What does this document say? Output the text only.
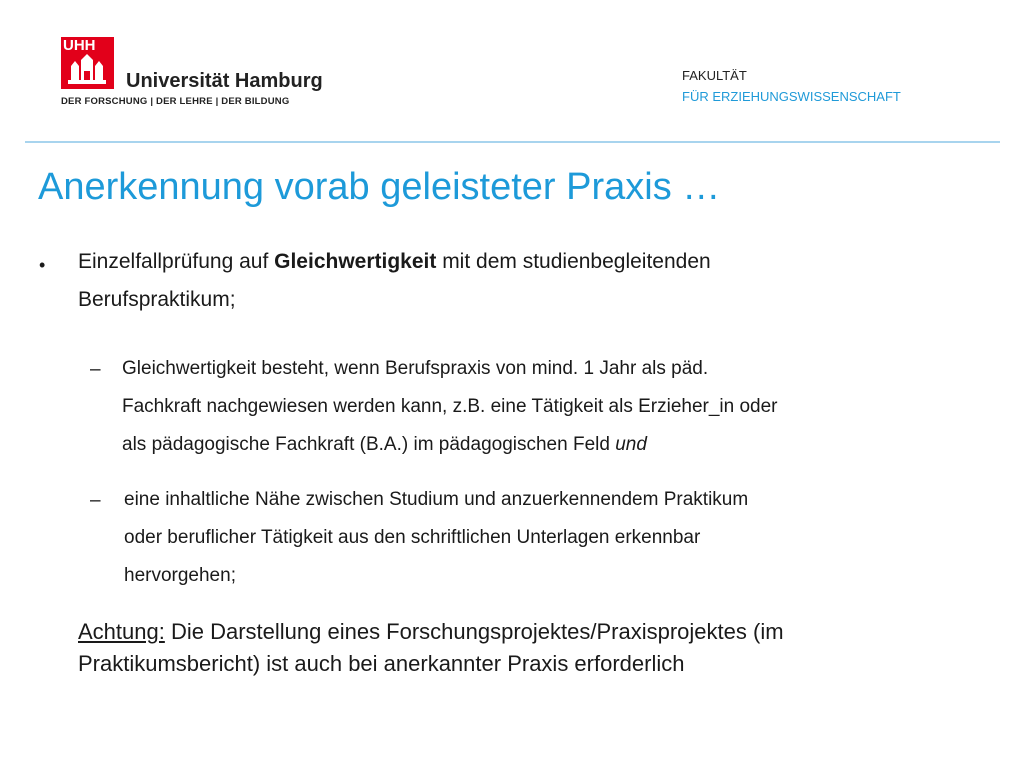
UHH
Universität Hamburg
DER FORSCHUNG | DER LEHRE | DER BILDUNG
FAKULTÄT
FÜR ERZIEHUNGSWISSENSCHAFT
Anerkennung vorab geleisteter Praxis …
• Einzelfallprüfung auf Gleichwertigkeit mit dem studienbegleitenden
Berufspraktikum;
– Gleichwertigkeit besteht, wenn Berufspraxis von mind. 1 Jahr als päd.
Fachkraft nachgewiesen werden kann, z.B. eine Tätigkeit als Erzieher_in oder
als pädagogische Fachkraft (B.A.) im pädagogischen Feld und
– eine inhaltliche Nähe zwischen Studium und anzuerkennendem Praktikum
oder beruflicher Tätigkeit aus den schriftlichen Unterlagen erkennbar
hervorgehen;
Achtung: Die Darstellung eines Forschungsprojektes/Praxisprojektes (im
Praktikumsbericht) ist auch bei anerkannter Praxis erforderlich
